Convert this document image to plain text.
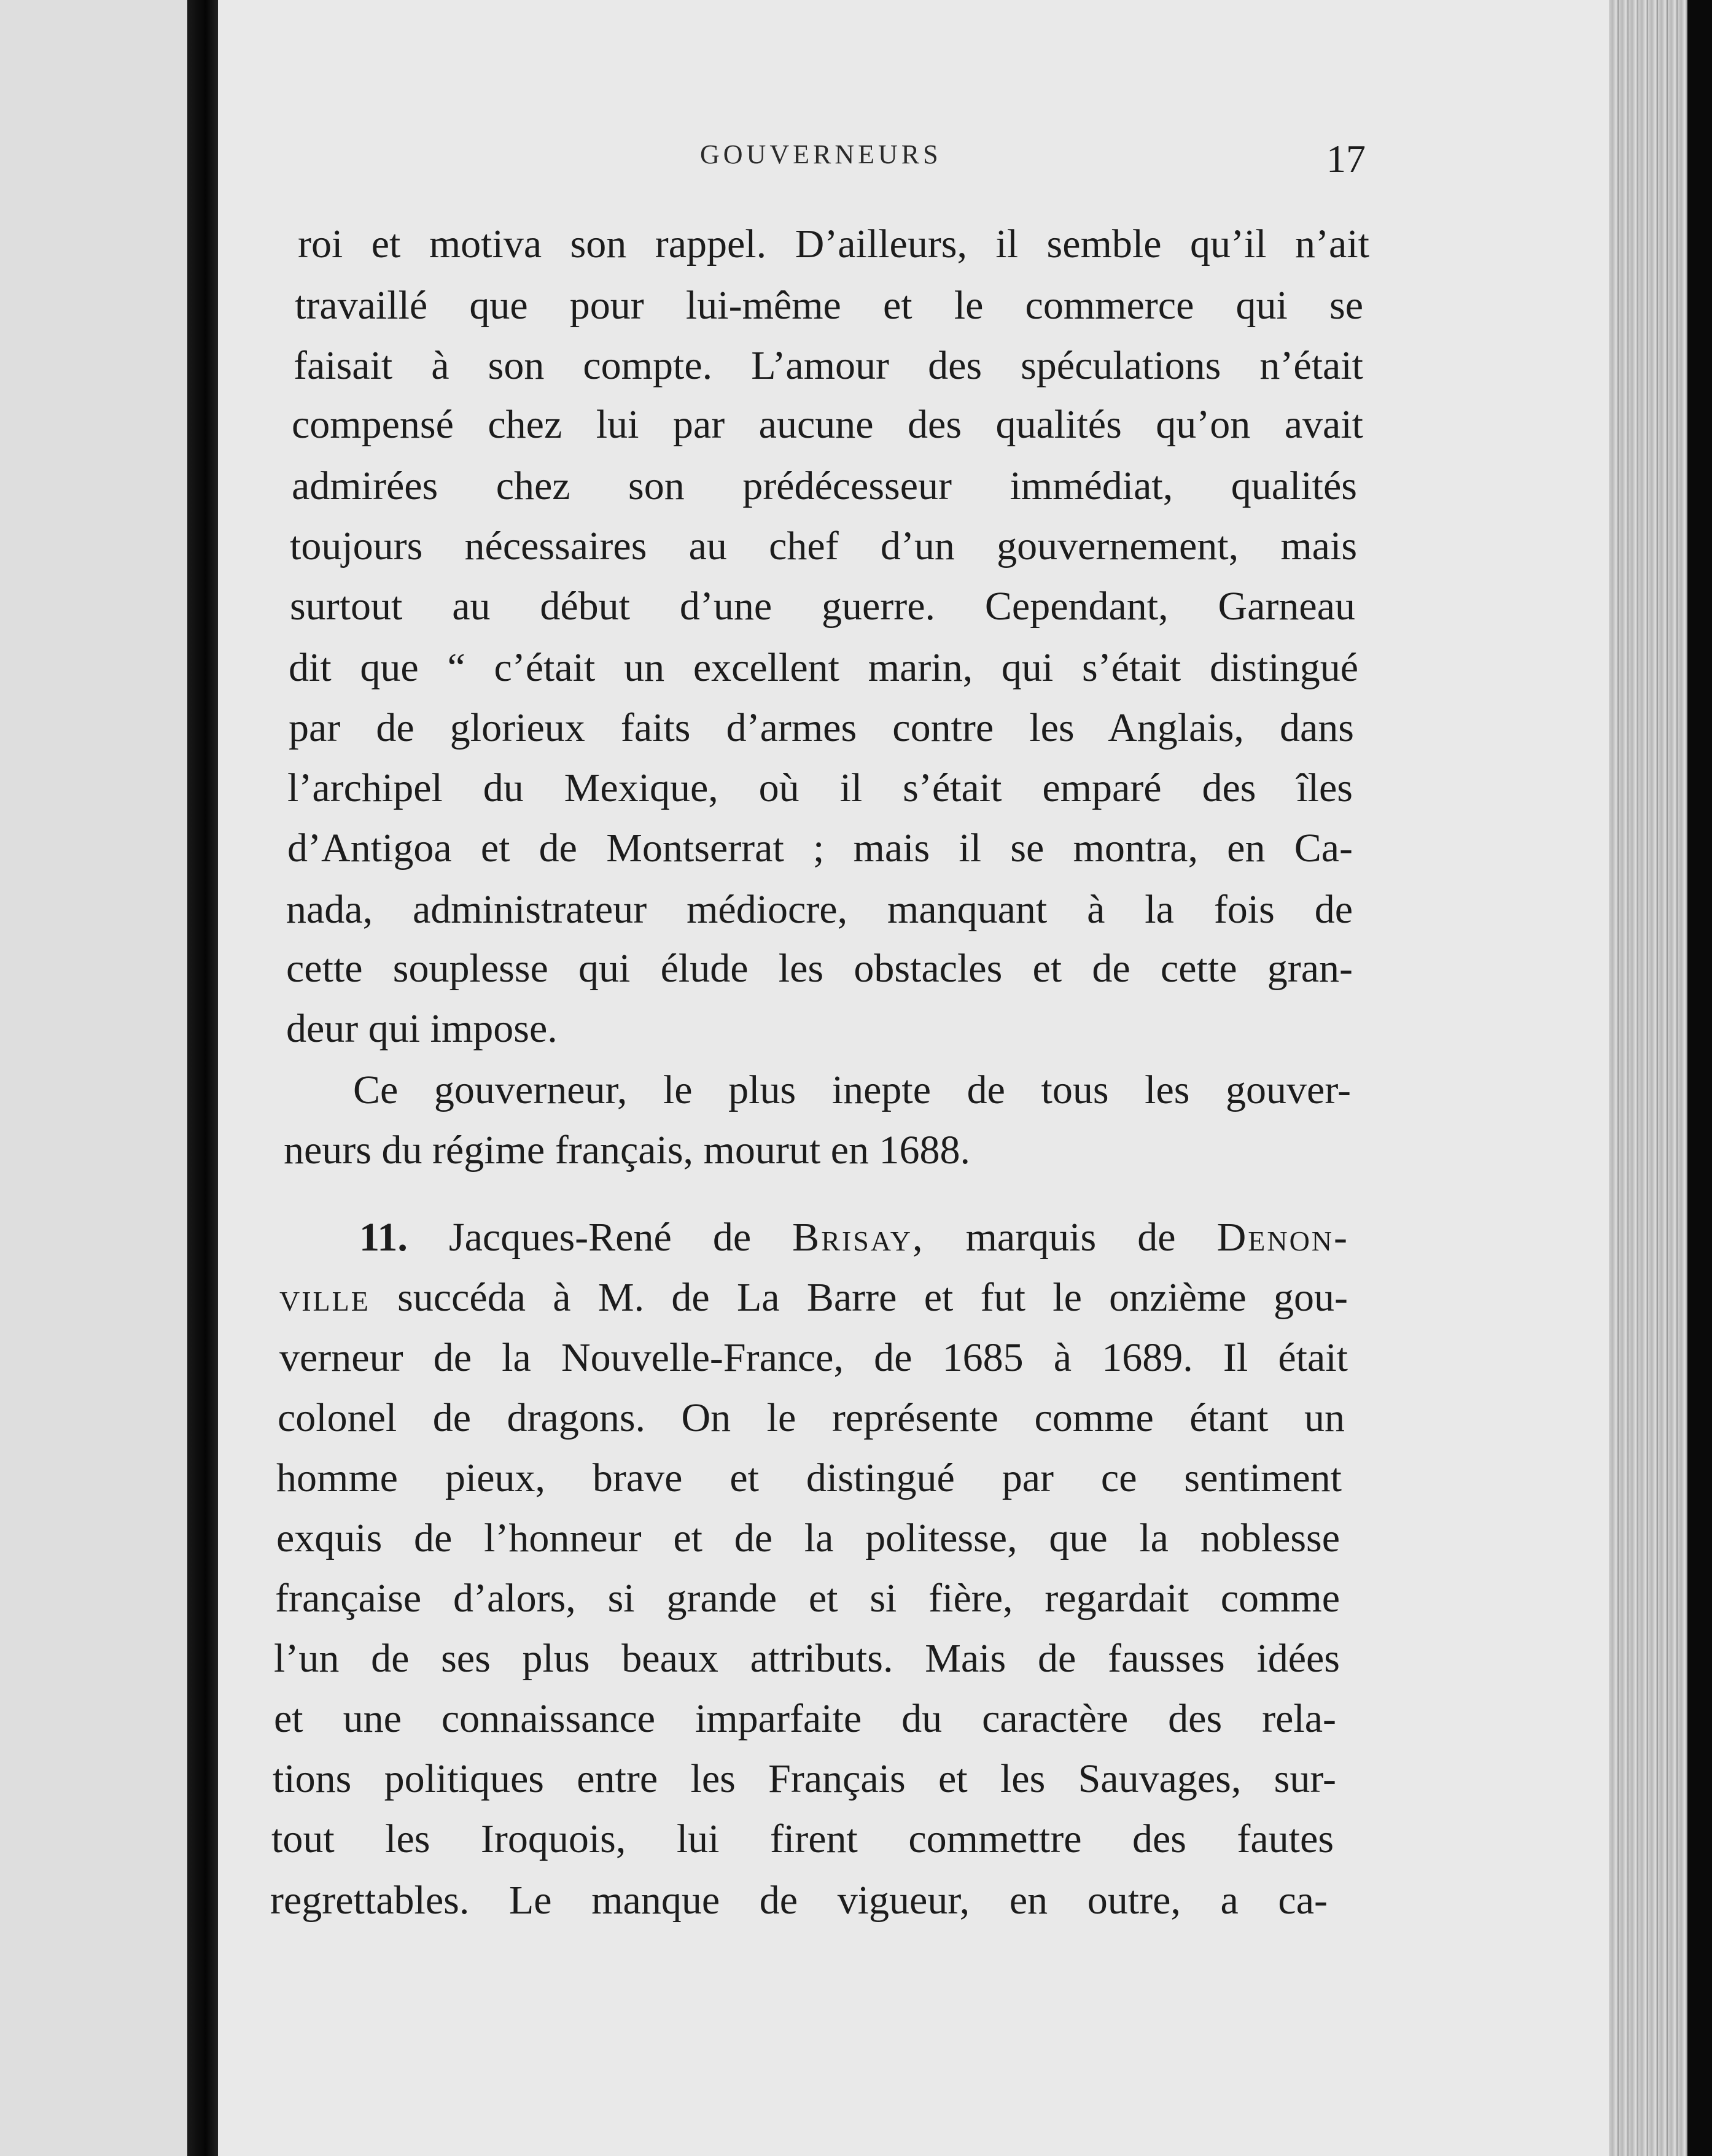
GOUVERNEURS	17
roi et motiva son rappel. D’ailleurs, il semble qu’il n’ait
travaillé que pour lui-même et le commerce qui se
faisait à son compte. L’amour des spéculations n’était
compensé chez lui par aucune des qualités qu’on avait
admirées chez son prédécesseur immédiat, qualités
toujours nécessaires au chef d’un gouvernement, mais
surtout au début d’une guerre. Cependant, Garneau
dit que “ c’était un excellent marin, qui s’était distingué
par de glorieux faits d’armes contre les Anglais, dans
l’archipel du Mexique, où il s’était emparé des îles
d’Antigoa et de Montserrat ; mais il se montra, en Ca-
nada, administrateur médiocre, manquant à la fois de
cette souplesse qui élude les obstacles et de cette gran-
deur qui impose.
Ce gouverneur, le plus inepte de tous les gouver-
neurs du régime français, mourut en 1688.
11. Jacques-René de Brisay, marquis de Denon-
ville succéda à M. de La Barre et fut le onzième gou-
verneur de la Nouvelle-France, de 1685 à 1689. Il était
colonel de dragons. On le représente comme étant un
homme pieux, brave et distingué par ce sentiment
exquis de l’honneur et de la politesse, que la noblesse
française d’alors, si grande et si fière, regardait comme
l’un de ses plus beaux attributs. Mais de fausses idées
et une connaissance imparfaite du caractère des rela-
tions politiques entre les Français et les Sauvages, sur-
tout les Iroquois, lui firent commettre des fautes
regrettables. Le manque de vigueur, en outre, a ca-
